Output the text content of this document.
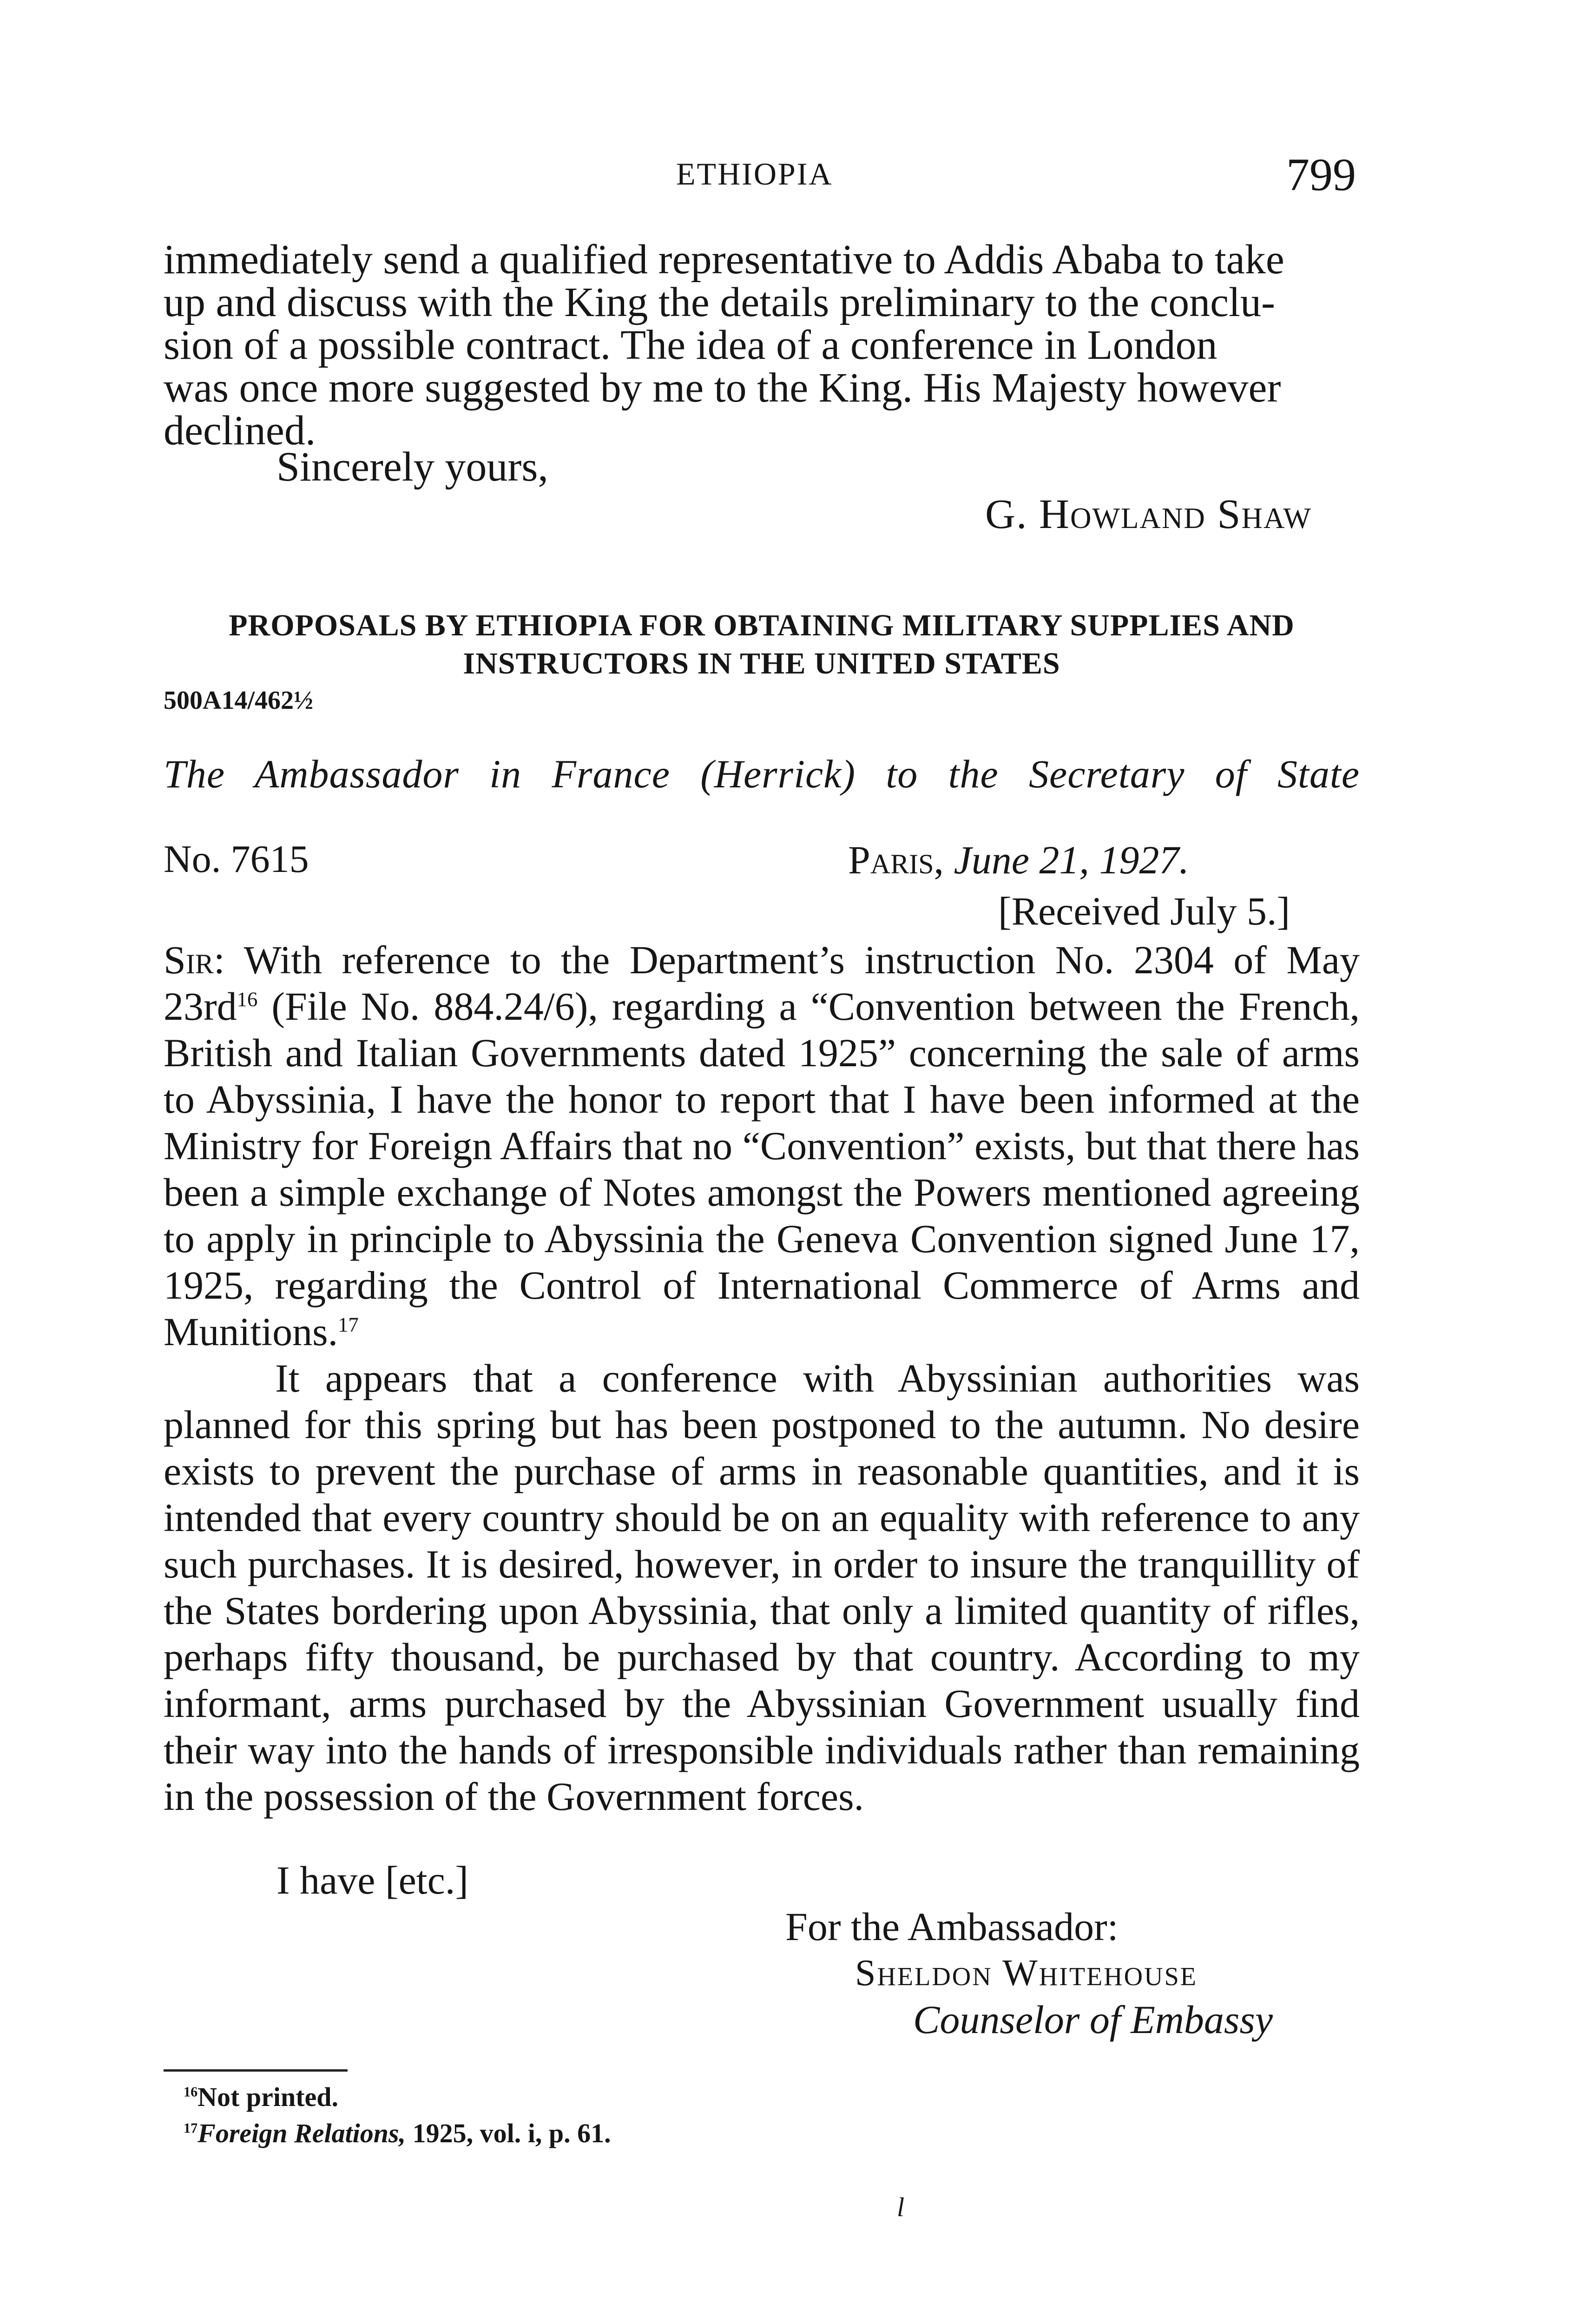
ETHIOPIA	799
immediately send a qualified representative to Addis Ababa to take
up and discuss with the King the details preliminary to the conclu-
sion of a possible contract. The idea of a conference in London
was once more suggested by me to the King. His Majesty however
declined.
Sincerely yours,
G. Howland Shaw
PROPOSALS BY ETHIOPIA FOR OBTAINING MILITARY SUPPLIES AND
INSTRUCTORS IN THE UNITED STATES
500A14/462½
The Ambassador in France (Herrick) to the Secretary of State
No. 7615	Paris, June 21, 1927.
[Received July 5.]

Sir: With reference to the Department’s instruction No. 2304 of May $23rd^{16}$ (File No. 884.24/6), regarding a “Convention between the French, British and Italian Governments dated 1925” concerning the sale of arms to Abyssinia, I have the honor to report that I have been informed at the Ministry for Foreign Affairs that no “Convention” exists, but that there has been a simple exchange of Notes amongst the Powers mentioned agreeing to apply in principle to Abyssinia the Geneva Convention signed June 17, 1925, regarding the Control of International Commerce of Arms and Munitions.$^{17}$

It appears that a conference with Abyssinian authorities was planned for this spring but has been postponed to the autumn. No desire exists to prevent the purchase of arms in reasonable quantities, and it is intended that every country should be on an equality with reference to any such purchases. It is desired, however, in order to insure the tranquillity of the States bordering upon Abyssinia, that only a limited quantity of rifles, perhaps fifty thousand, be purchased by that country. According to my informant, arms purchased by the Abyssinian Government usually find their way into the hands of irresponsible individuals rather than remaining in the possession of the Government forces.

I have [etc.]
For the Ambassador:
Sheldon Whitehouse
Counselor of Embassy
$^{16}$Not printed.
$^{17}$Foreign Relations, 1925, vol. i, p. 61.
l
